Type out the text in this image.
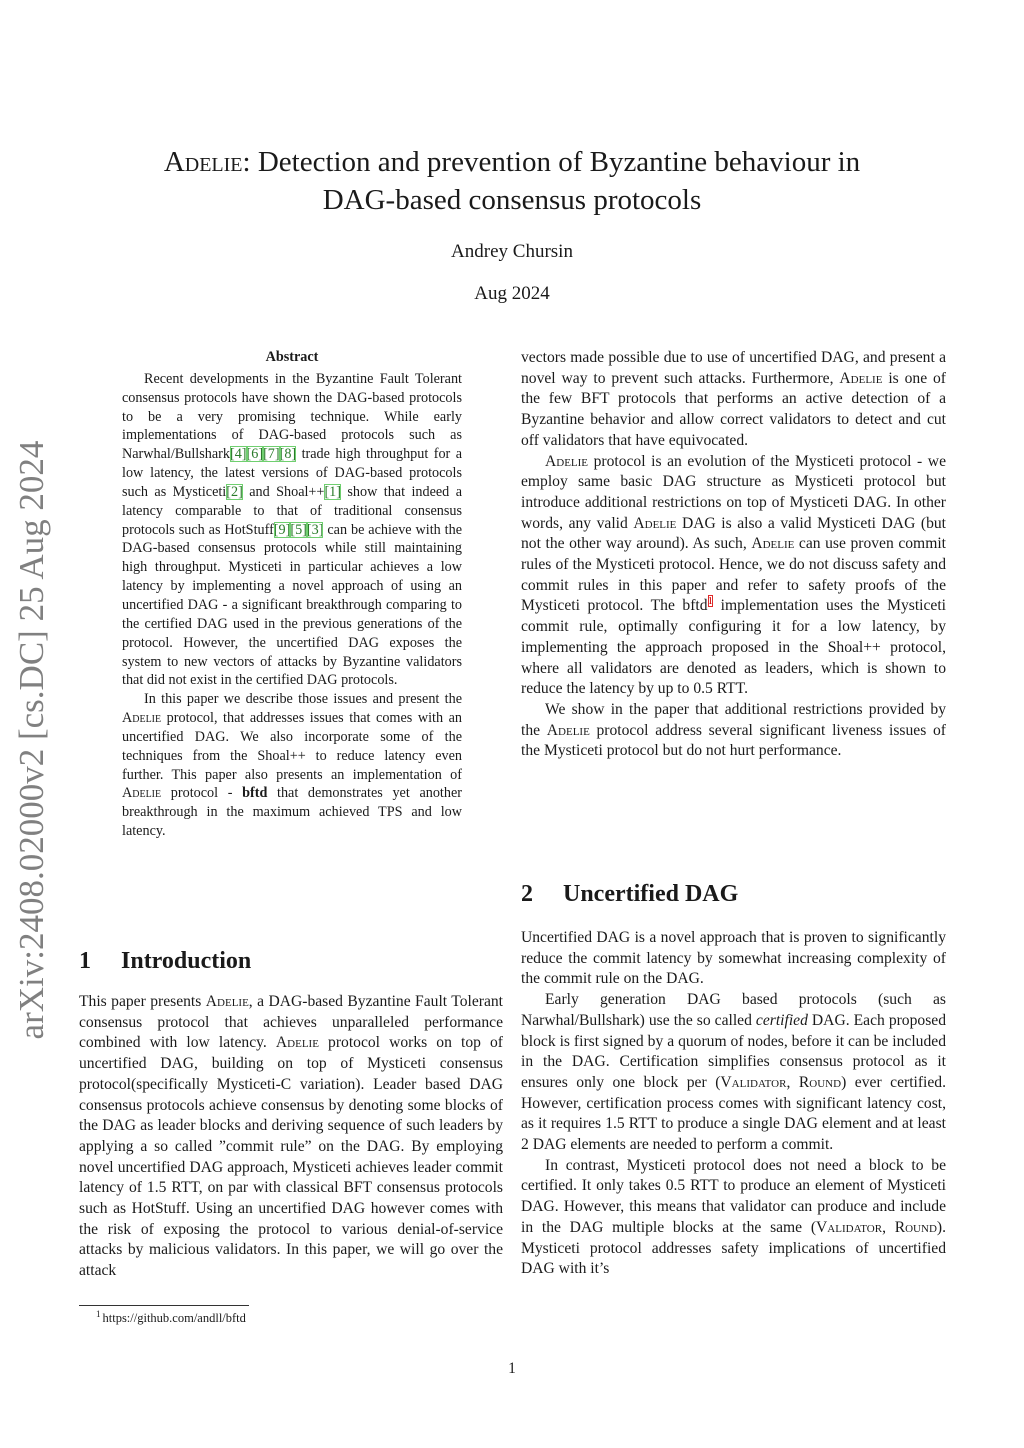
Adelie: Detection and prevention of Byzantine behaviour in
DAG-based consensus protocols
Andrey Chursin
Aug 2024
arXiv:2408.02000v2 [cs.DC] 25 Aug 2024
Abstract

Recent developments in the Byzantine Fault Tolerant consensus protocols have shown the DAG-based protocols to be a very promising technique. While early implementations of DAG-based protocols such as Narwhal/Bullshark[4][6][7][8] trade high throughput for a low latency, the latest versions of DAG-based protocols such as Mysticeti[2] and Shoal++[1] show that indeed a latency comparable to that of traditional consensus protocols such as HotStuff[9][5][3] can be achieve with the DAG-based consensus protocols while still maintaining high throughput. Mysticeti in particular achieves a low latency by implementing a novel approach of using an uncertified DAG - a significant breakthrough comparing to the certified DAG used in the previous generations of the protocol. However, the uncertified DAG exposes the system to new vectors of attacks by Byzantine validators that did not exist in the certified DAG protocols.

In this paper we describe those issues and present the Adelie protocol, that addresses issues that comes with an uncertified DAG. We also incorporate some of the techniques from the Shoal++ to reduce latency even further. This paper also presents an implementation of Adelie protocol - bftd that demonstrates yet another breakthrough in the maximum achieved TPS and low latency.

1 Introduction

This paper presents Adelie, a DAG-based Byzantine Fault Tolerant consensus protocol that achieves unparalleled performance combined with low latency. Adelie protocol works on top of uncertified DAG, building on top of Mysticeti consensus protocol(specifically Mysticeti-C variation). Leader based DAG consensus protocols achieve consensus by denoting some blocks of the DAG as leader blocks and deriving sequence of such leaders by applying a so called ”commit rule” on the DAG. By employing novel uncertified DAG approach, Mysticeti achieves leader commit latency of 1.5 RTT, on par with classical BFT consensus protocols such as HotStuff. Using an uncertified DAG however comes with the risk of exposing the protocol to various denial-of-service attacks by malicious validators. In this paper, we will go over the attack

vectors made possible due to use of uncertified DAG, and present a novel way to prevent such attacks. Furthermore, Adelie is one of the few BFT protocols that performs an active detection of a Byzantine behavior and allow correct validators to detect and cut off validators that have equivocated.

Adelie protocol is an evolution of the Mysticeti protocol - we employ same basic DAG structure as Mysticeti protocol but introduce additional restrictions on top of Mysticeti DAG. In other words, any valid Adelie DAG is also a valid Mysticeti DAG (but not the other way around). As such, Adelie can use proven commit rules of the Mysticeti protocol. Hence, we do not discuss safety and commit rules in this paper and refer to safety proofs of the Mysticeti protocol. The bftd$^1$ implementation uses the Mysticeti commit rule, optimally configuring it for a low latency, by implementing the approach proposed in the Shoal++ protocol, where all validators are denoted as leaders, which is shown to reduce the latency by up to 0.5 RTT.

We show in the paper that additional restrictions provided by the Adelie protocol address several significant liveness issues of the Mysticeti protocol but do not hurt performance.

2 Uncertified DAG

Uncertified DAG is a novel approach that is proven to significantly reduce the commit latency by somewhat increasing complexity of the commit rule on the DAG.

Early generation DAG based protocols (such as Narwhal/Bullshark) use the so called certified DAG. Each proposed block is first signed by a quorum of nodes, before it can be included in the DAG. Certification simplifies consensus protocol as it ensures only one block per (Validator, Round) ever certified. However, certification process comes with significant latency cost, as it requires 1.5 RTT to produce a single DAG element and at least 2 DAG elements are needed to perform a commit.

In contrast, Mysticeti protocol does not need a block to be certified. It only takes 0.5 RTT to produce an element of Mysticeti DAG. However, this means that validator can produce and include in the DAG multiple blocks at the same (Validator, Round). Mysticeti protocol addresses safety implications of uncertified DAG with it’s

$^1$ https://github.com/andll/bftd
1
